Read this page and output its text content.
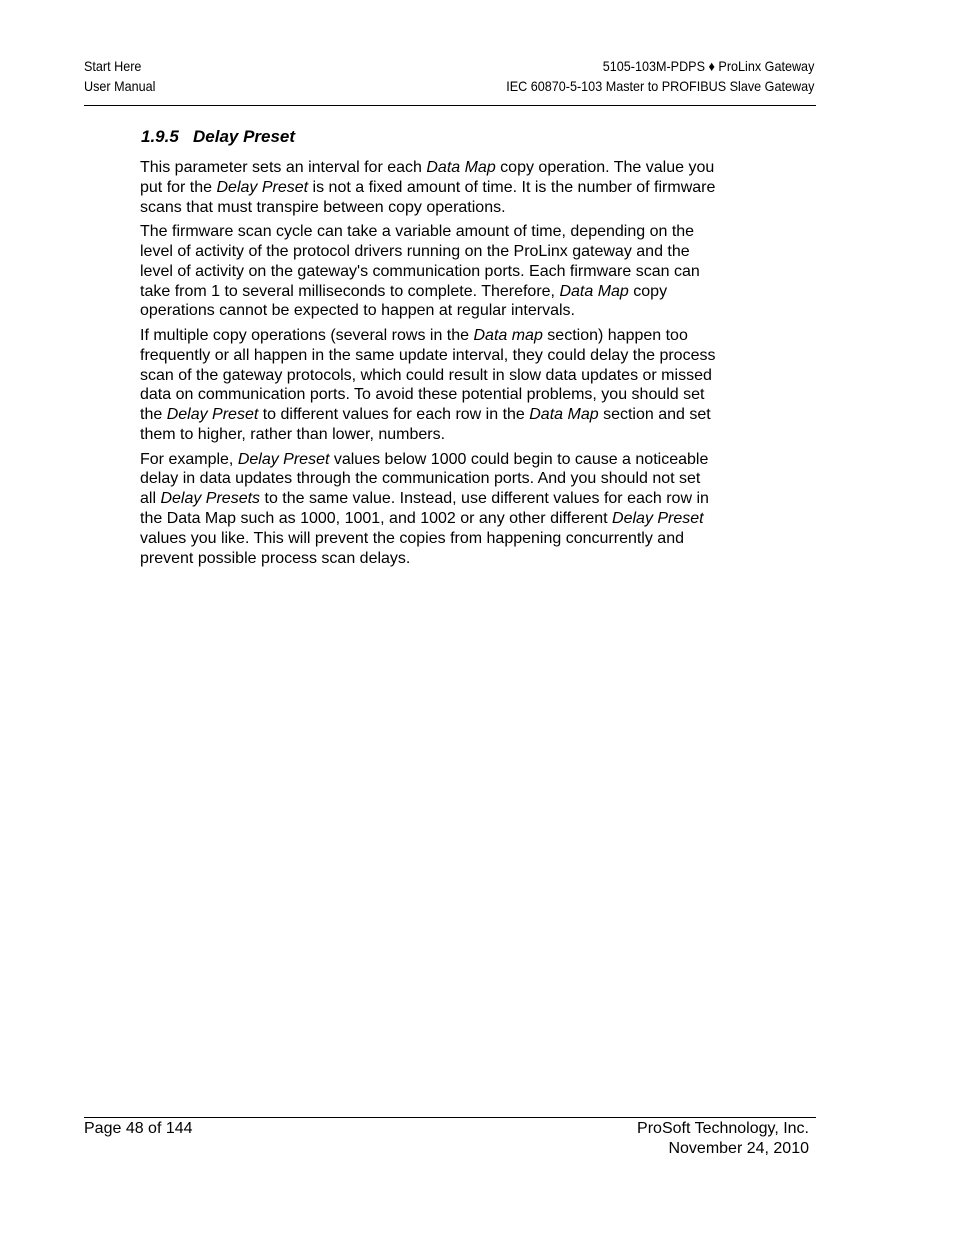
Start Here
User Manual
5105-103M-PDPS ♦ ProLinx Gateway
IEC 60870-5-103 Master to PROFIBUS Slave Gateway
1.9.5 Delay Preset

This parameter sets an interval for each Data Map copy operation. The value you
put for the Delay Preset is not a fixed amount of time. It is the number of firmware
scans that must transpire between copy operations.

The firmware scan cycle can take a variable amount of time, depending on the
level of activity of the protocol drivers running on the ProLinx gateway and the
level of activity on the gateway's communication ports. Each firmware scan can
take from 1 to several milliseconds to complete. Therefore, Data Map copy
operations cannot be expected to happen at regular intervals.

If multiple copy operations (several rows in the Data map section) happen too
frequently or all happen in the same update interval, they could delay the process
scan of the gateway protocols, which could result in slow data updates or missed
data on communication ports. To avoid these potential problems, you should set
the Delay Preset to different values for each row in the Data Map section and set
them to higher, rather than lower, numbers.

For example, Delay Preset values below 1000 could begin to cause a noticeable
delay in data updates through the communication ports. And you should not set
all Delay Presets to the same value. Instead, use different values for each row in
the Data Map such as 1000, 1001, and 1002 or any other different Delay Preset
values you like. This will prevent the copies from happening concurrently and
prevent possible process scan delays.

Page 48 of 144	ProSoft Technology, Inc.
November 24, 2010
